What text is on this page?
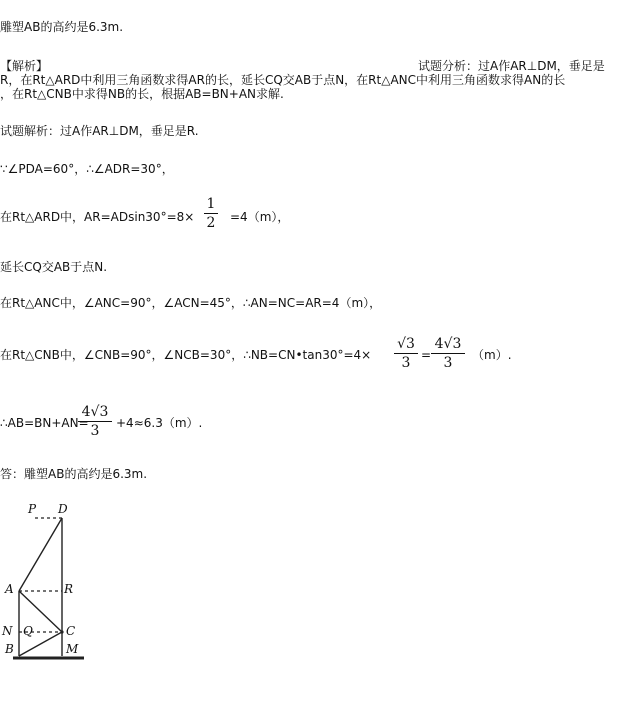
雕塑AB的高约是6.3m.
【解析】	试题分析：过A作AR⊥DM，垂足是
R，在Rt△ARD中利用三角函数求得AR的长，延长CQ交AB于点N，在Rt△ANC中利用三角函数求得AN的长
，在Rt△CNB中求得NB的长，根据AB=BN+AN求解.
试题解析：过A作AR⊥DM，垂足是R.
∵∠PDA=60°，∴∠ADR=30°，
在Rt△ARD中，AR=ADsin30°=8×
1
2 =4（m），
延长CQ交AB于点N.
在Rt△ANC中，∠ANC=90°，∠ACN=45°，∴AN=NC=AR=4（m），
在Rt△CNB中，∠CNB=90°，∠NCB=30°，∴NB=CN•tan30°=4×
√3
3 =
4√3
3	（m）.
∴AB=BN+AN=
4√3
3	+4≈6.3（m）.
答：雕塑AB的高约是6.3m.
P D
A	R
N Q	C
B	M
